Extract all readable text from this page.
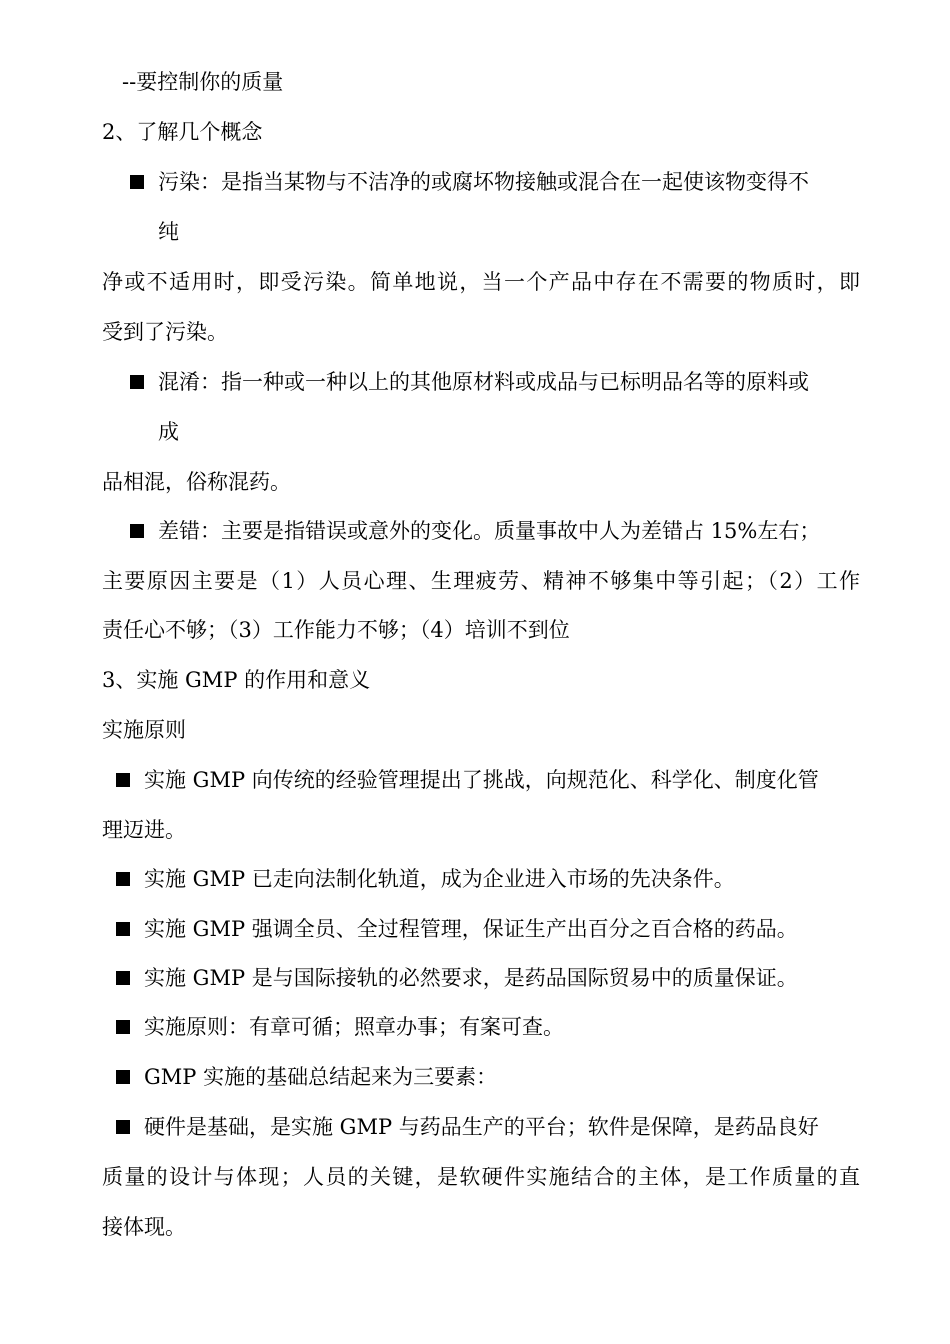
--要控制你的质量
2、了解几个概念
污染：是指当某物与不洁净的或腐坏物接触或混合在一起使该物变得不
纯
净或不适用时，即受污染。简单地说，当一个产品中存在不需要的物质时，即
受到了污染。
混淆：指一种或一种以上的其他原材料或成品与已标明品名等的原料或
成
品相混，俗称混药。
差错：主要是指错误或意外的变化。质量事故中人为差错占 15%左右；
主要原因主要是（1）人员心理、生理疲劳、精神不够集中等引起；（2）工作
责任心不够；（3）工作能力不够；（4）培训不到位
3、实施 GMP 的作用和意义
实施原则
实施 GMP 向传统的经验管理提出了挑战，向规范化、科学化、制度化管
理迈进。
实施 GMP 已走向法制化轨道，成为企业进入市场的先决条件。
实施 GMP 强调全员、全过程管理，保证生产出百分之百合格的药品。
实施 GMP 是与国际接轨的必然要求，是药品国际贸易中的质量保证。
实施原则：有章可循；照章办事；有案可查。
GMP 实施的基础总结起来为三要素：
硬件是基础，是实施 GMP 与药品生产的平台；软件是保障，是药品良好
质量的设计与体现；人员的关键，是软硬件实施结合的主体，是工作质量的直
接体现。
